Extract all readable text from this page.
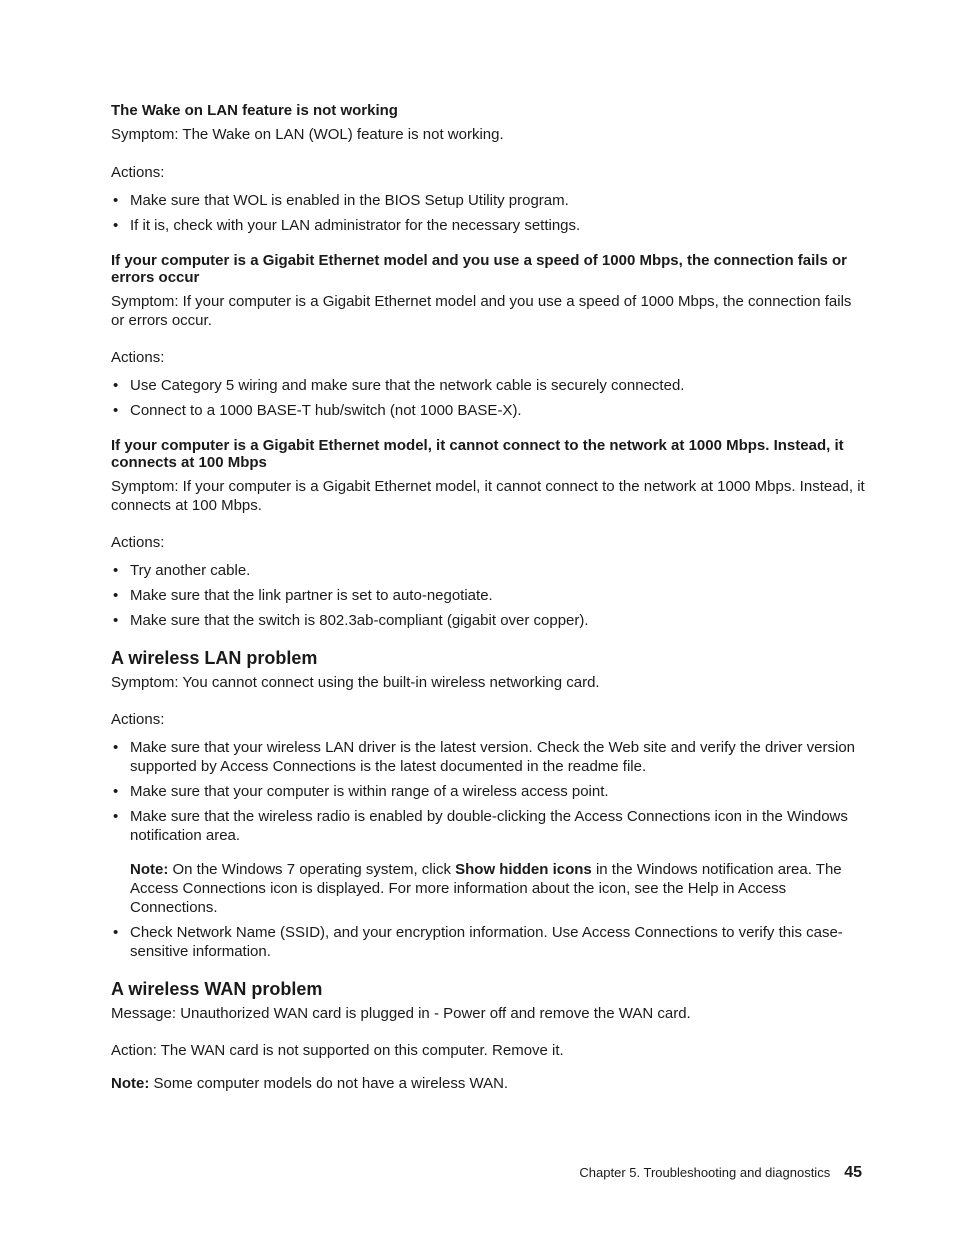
The Wake on LAN feature is not working

Symptom: The Wake on LAN (WOL) feature is not working.

Actions:

• Make sure that WOL is enabled in the BIOS Setup Utility program.
• If it is, check with your LAN administrator for the necessary settings.

If your computer is a Gigabit Ethernet model and you use a speed of 1000 Mbps, the connection fails or errors occur

Symptom: If your computer is a Gigabit Ethernet model and you use a speed of 1000 Mbps, the connection fails or errors occur.

Actions:

• Use Category 5 wiring and make sure that the network cable is securely connected.
• Connect to a 1000 BASE-T hub/switch (not 1000 BASE-X).

If your computer is a Gigabit Ethernet model, it cannot connect to the network at 1000 Mbps. Instead, it connects at 100 Mbps

Symptom: If your computer is a Gigabit Ethernet model, it cannot connect to the network at 1000 Mbps. Instead, it connects at 100 Mbps.

Actions:

• Try another cable.
• Make sure that the link partner is set to auto-negotiate.
• Make sure that the switch is 802.3ab-compliant (gigabit over copper).

A wireless LAN problem

Symptom: You cannot connect using the built-in wireless networking card.

Actions:

• Make sure that your wireless LAN driver is the latest version. Check the Web site and verify the driver version supported by Access Connections is the latest documented in the readme file.
• Make sure that your computer is within range of a wireless access point.
• Make sure that the wireless radio is enabled by double-clicking the Access Connections icon in the Windows notification area.
Note: On the Windows 7 operating system, click Show hidden icons in the Windows notification area. The Access Connections icon is displayed. For more information about the icon, see the Help in Access Connections.
• Check Network Name (SSID), and your encryption information. Use Access Connections to verify this case-sensitive information.

A wireless WAN problem

Message: Unauthorized WAN card is plugged in - Power off and remove the WAN card.

Action: The WAN card is not supported on this computer. Remove it.

Note: Some computer models do not have a wireless WAN.

Chapter 5. Troubleshooting and diagnostics 45
